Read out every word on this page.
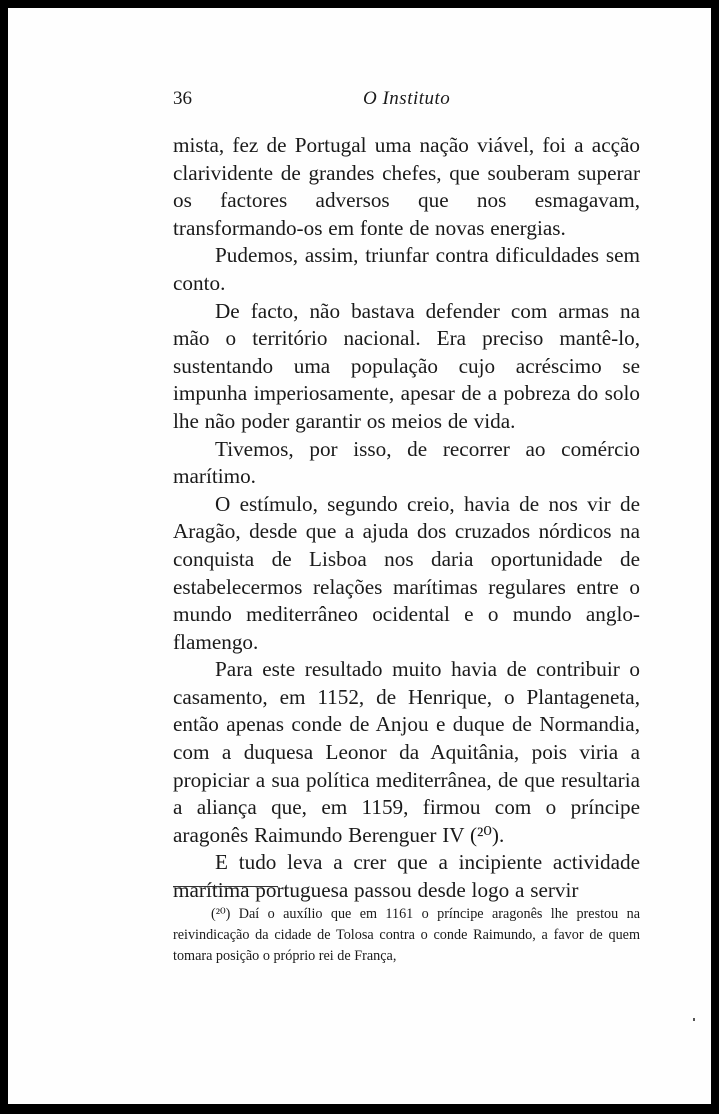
36	O Instituto

mista, fez de Portugal uma nação viável, foi a acção clarividente de grandes chefes, que souberam superar os factores adversos que nos esmagavam, transformando-os em fonte de novas energias.

Pudemos, assim, triunfar contra dificuldades sem conto.

De facto, não bastava defender com armas na mão o território nacional. Era preciso mantê-lo, sustentando uma população cujo acréscimo se impunha imperiosamente, apesar de a pobreza do solo lhe não poder garantir os meios de vida.

Tivemos, por isso, de recorrer ao comércio marítimo.

O estímulo, segundo creio, havia de nos vir de Aragão, desde que a ajuda dos cruzados nórdicos na conquista de Lisboa nos daria oportunidade de estabelecermos relações marítimas regulares entre o mundo mediterrâneo ocidental e o mundo anglo-flamengo.

Para este resultado muito havia de contribuir o casamento, em 1152, de Henrique, o Plantageneta, então apenas conde de Anjou e duque de Normandia, com a duquesa Leonor da Aquitânia, pois viria a propiciar a sua política mediterrânea, de que resultaria a aliança que, em 1159, firmou com o príncipe aragonês Raimundo Berenguer IV (²⁰).

E tudo leva a crer que a incipiente actividade marítima portuguesa passou desde logo a servir

(²⁰) Daí o auxílio que em 1161 o príncipe aragonês lhe prestou na reivindicação da cidade de Tolosa contra o conde Raimundo, a favor de quem tomara posição o próprio rei de França,
